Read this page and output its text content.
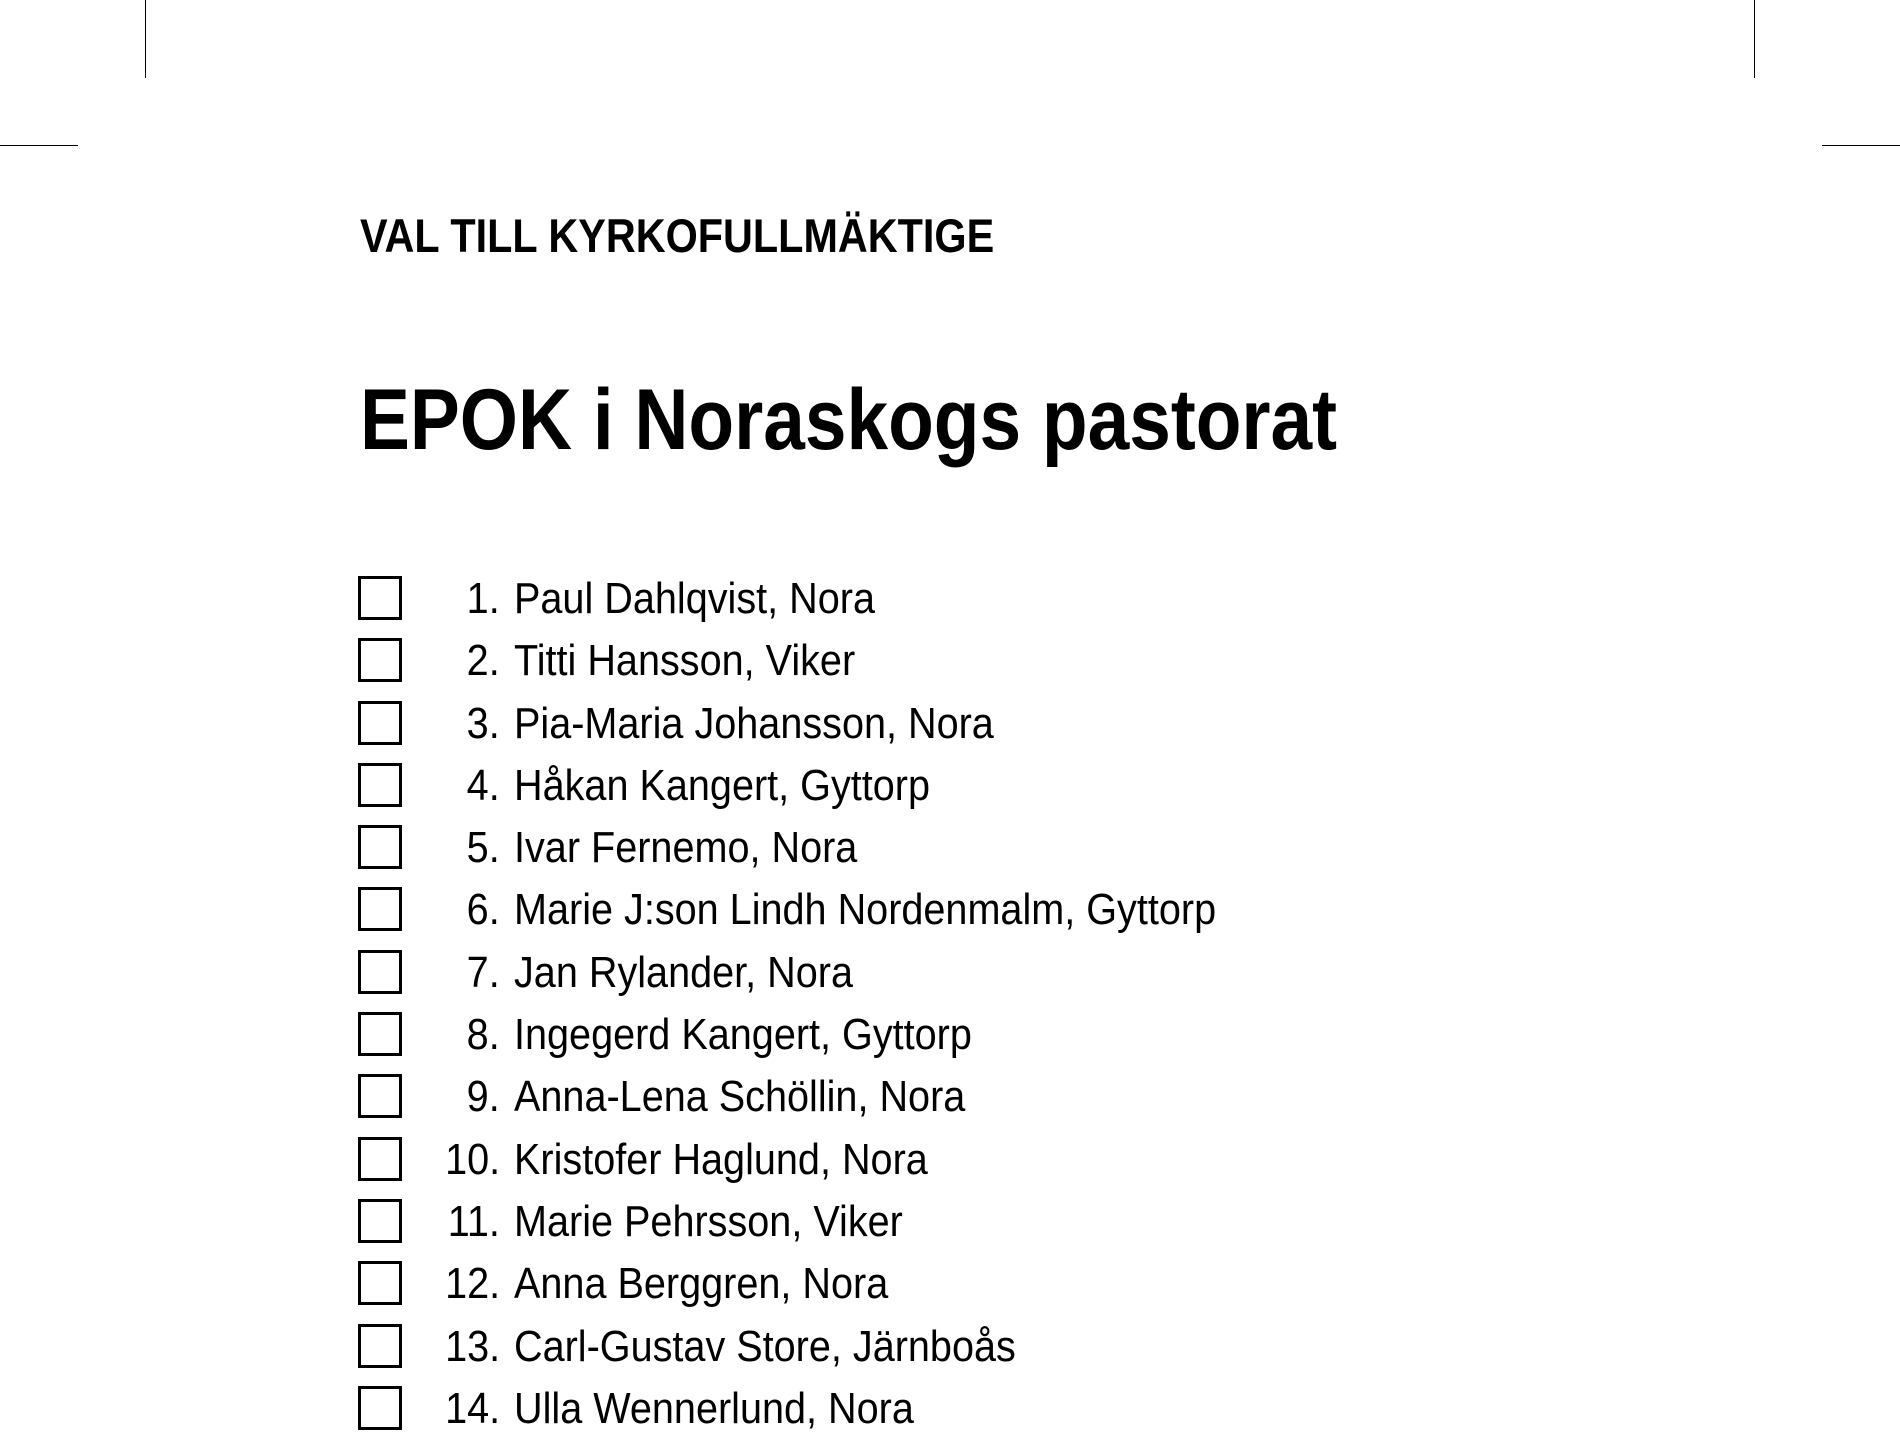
VAL TILL KYRKOFULLMÄKTIGE
EPOK i Noraskogs pastorat
1. Paul Dahlqvist, Nora
2. Titti Hansson, Viker
3. Pia-Maria Johansson, Nora
4. Håkan Kangert, Gyttorp
5. Ivar Fernemo, Nora
6. Marie J:son Lindh Nordenmalm, Gyttorp
7. Jan Rylander, Nora
8. Ingegerd Kangert, Gyttorp
9. Anna-Lena Schöllin, Nora
10. Kristofer Haglund, Nora
11. Marie Pehrsson, Viker
12. Anna Berggren, Nora
13. Carl-Gustav Store, Järnboås
14. Ulla Wennerlund, Nora
